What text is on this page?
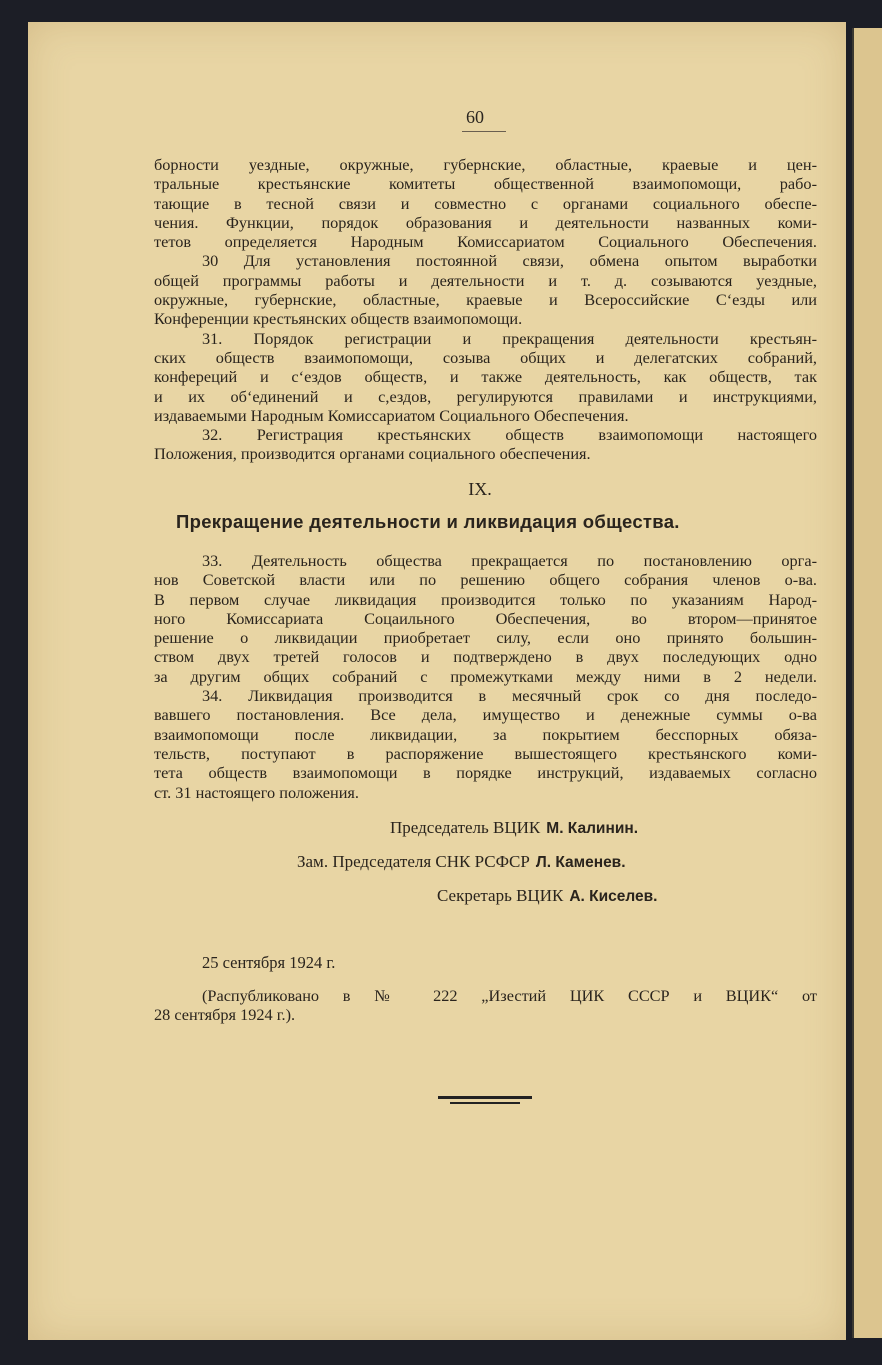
60
борности уездные, окружные, губернские, областные, краевые и цен-
тральные крестьянские комитеты общественной взаимопомощи, рабо-
тающие в тесной связи и совместно с органами социального обеспе-
чения. Функции, порядок образования и деятельности названных коми-
тетов определяется Народным Комиссариатом Социального Обеспечения.
30 Для установления постоянной связи, обмена опытом выработки
общей программы работы и деятельности и т. д. созываются уездные,
окружные, губернские, областные, краевые и Всероссийские С‘езды или
Конференции крестьянских обществ взаимопомощи.
31. Порядок регистрации и прекращения деятельности крестьян-
ских обществ взаимопомощи, созыва общих и делегатских собраний,
конфереций и с‘ездов обществ, и также деятельность, как обществ, так
и их об‘единений и с,ездов, регулируются правилами и инструкциями,
издаваемыми Народным Комиссариатом Социального Обеспечения.
32. Регистрация крестьянских обществ взаимопомощи настоящего
Положения, производится органами социального обеспечения.
IX.
Прекращение деятельности и ликвидация общества.
33. Деятельность общества прекращается по постановлению орга-
нов Советской власти или по решению общего собрания членов о-ва.
В первом случае ликвидация производится только по указаниям Народ-
ного Комиссариата Соцаильного Обеспечения, во втором—принятое
решение о ликвидации приобретает силу, если оно принято большин-
ством двух третей голосов и подтверждено в двух последующих одно
за другим общих собраний с промежутками между ними в 2 недели.
34. Ликвидация производится в месячный срок со дня последо-
вавшего постановления. Все дела, имущество и денежные суммы о-ва
взаимопомощи после ликвидации, за покрытием бесспорных обяза-
тельств, поступают в распоряжение вышестоящего крестьянского коми-
тета обществ взаимопомощи в порядке инструкций, издаваемых согласно
ст. 31 настоящего положения.
Председатель ВЦИК М. Калинин.
Зам. Председателя СНК РСФСР Л. Каменев.
Секретарь ВЦИК А. Киселев.
25 сентября 1924 г.
(Распубликовано в № 222 „Изестий ЦИК СССР и ВЦИК“ от
28 сентября 1924 г.).
